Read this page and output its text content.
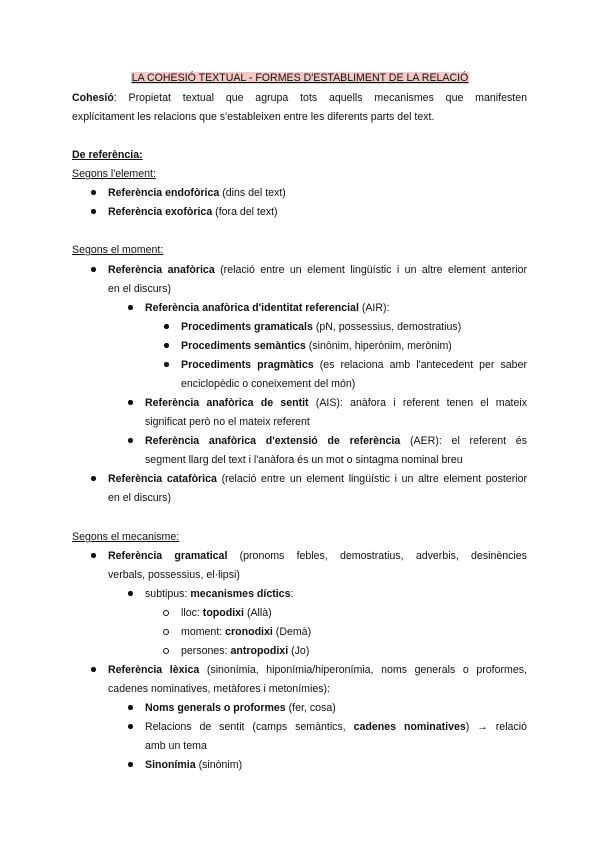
LA COHESIÓ TEXTUAL - FORMES D'ESTABLIMENT DE LA RELACIÓ
Cohesió: Propietat textual que agrupa tots aquells mecanismes que manifesten
explícitament les relacions que s'estableixen entre les diferents parts del text.
De referència:
Segons l'element:
Referència endofòrica (dins del text)
Referència exofòrica (fora del text)
Segons el moment:
Referència anafòrica (relació entre un element lingüístic i un altre element anterior
en el discurs)
Referència anafòrica d'identitat referencial (AIR):
Procediments gramaticals (pN, possessius, demostratius)
Procediments semàntics (sinònim, hiperònim, merònim)
Procediments pragmàtics (es relaciona amb l'antecedent per saber
enciclopèdic o coneixement del món)
Referència anafòrica de sentit (AIS): anàfora i referent tenen el mateix
significat però no el mateix referent
Referència anafòrica d'extensió de referència (AER): el referent és
segment llarg del text i l'anàfora és un mot o sintagma nominal breu
Referència catafòrica (relació entre un element lingüístic i un altre element posterior
en el discurs)
Segons el mecanisme:
Referència gramatical (pronoms febles, demostratius, adverbis, desinències
verbals, possessius, el·lipsi)
subtipus: mecanismes díctics:
lloc: topodixi (Allà)
moment: cronodixi (Demà)
persones: antropodixi (Jo)
Referència lèxica (sinonímia, hiponímia/hiperonímia, noms generals o proformes,
cadenes nominatives, metàfores i metonímies):
Noms generals o proformes (fer, cosa)
Relacions de sentit (camps semàntics, cadenes nominatives) → relació
amb un tema
Sinonímia (sinònim)
